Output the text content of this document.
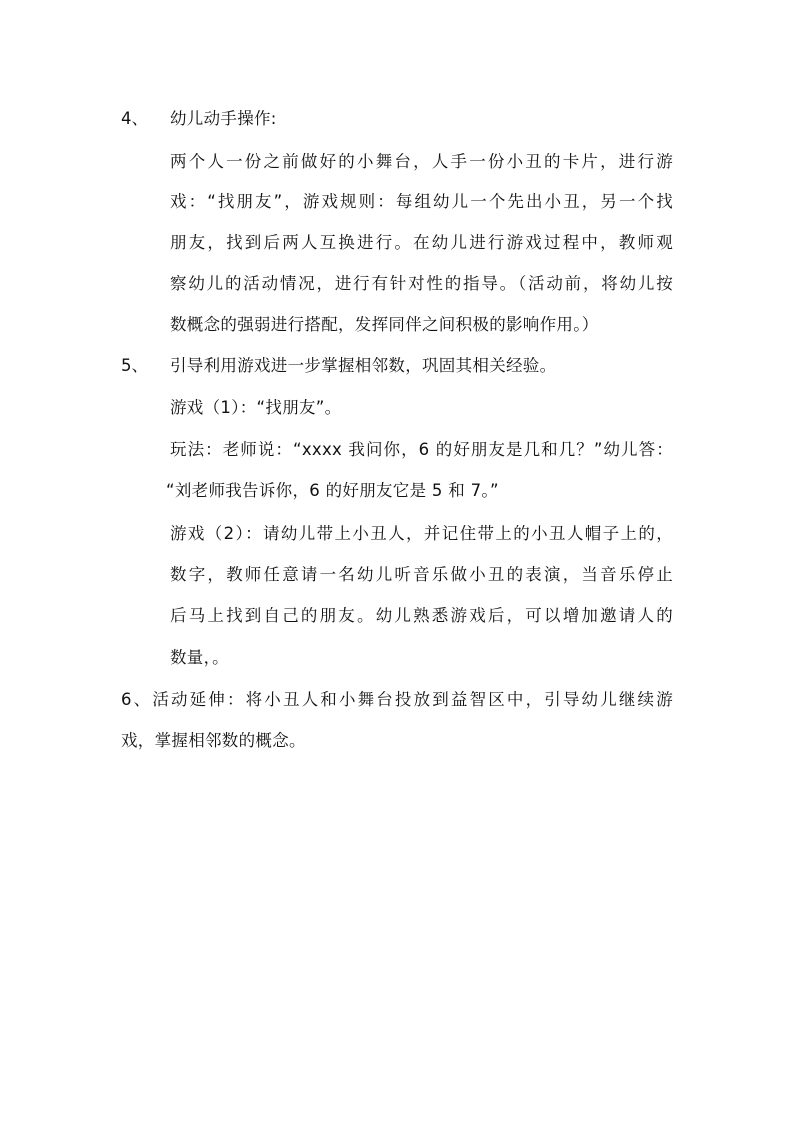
4、 幼儿动手操作:
两个人一份之前做好的小舞台，人手一份小丑的卡片，进行游
戏：“找朋友”，游戏规则：每组幼儿一个先出小丑，另一个找
朋友，找到后两人互换进行。在幼儿进行游戏过程中，教师观
察幼儿的活动情况，进行有针对性的指导。（活动前，将幼儿按
数概念的强弱进行搭配，发挥同伴之间积极的影响作用。）
5、 引导利用游戏进一步掌握相邻数，巩固其相关经验。
游戏（1）：“找朋友”。
玩法：老师说：“xxxx 我问你，6 的好朋友是几和几？”幼儿答：
“刘老师我告诉你，6 的好朋友它是 5 和 7。”
游戏（2）：请幼儿带上小丑人，并记住带上的小丑人帽子上的，
数字，教师任意请一名幼儿听音乐做小丑的表演，当音乐停止
后马上找到自己的朋友。幼儿熟悉游戏后，可以增加邀请人的
数量，。
6、活动延伸：将小丑人和小舞台投放到益智区中，引导幼儿继续游
戏，掌握相邻数的概念。
